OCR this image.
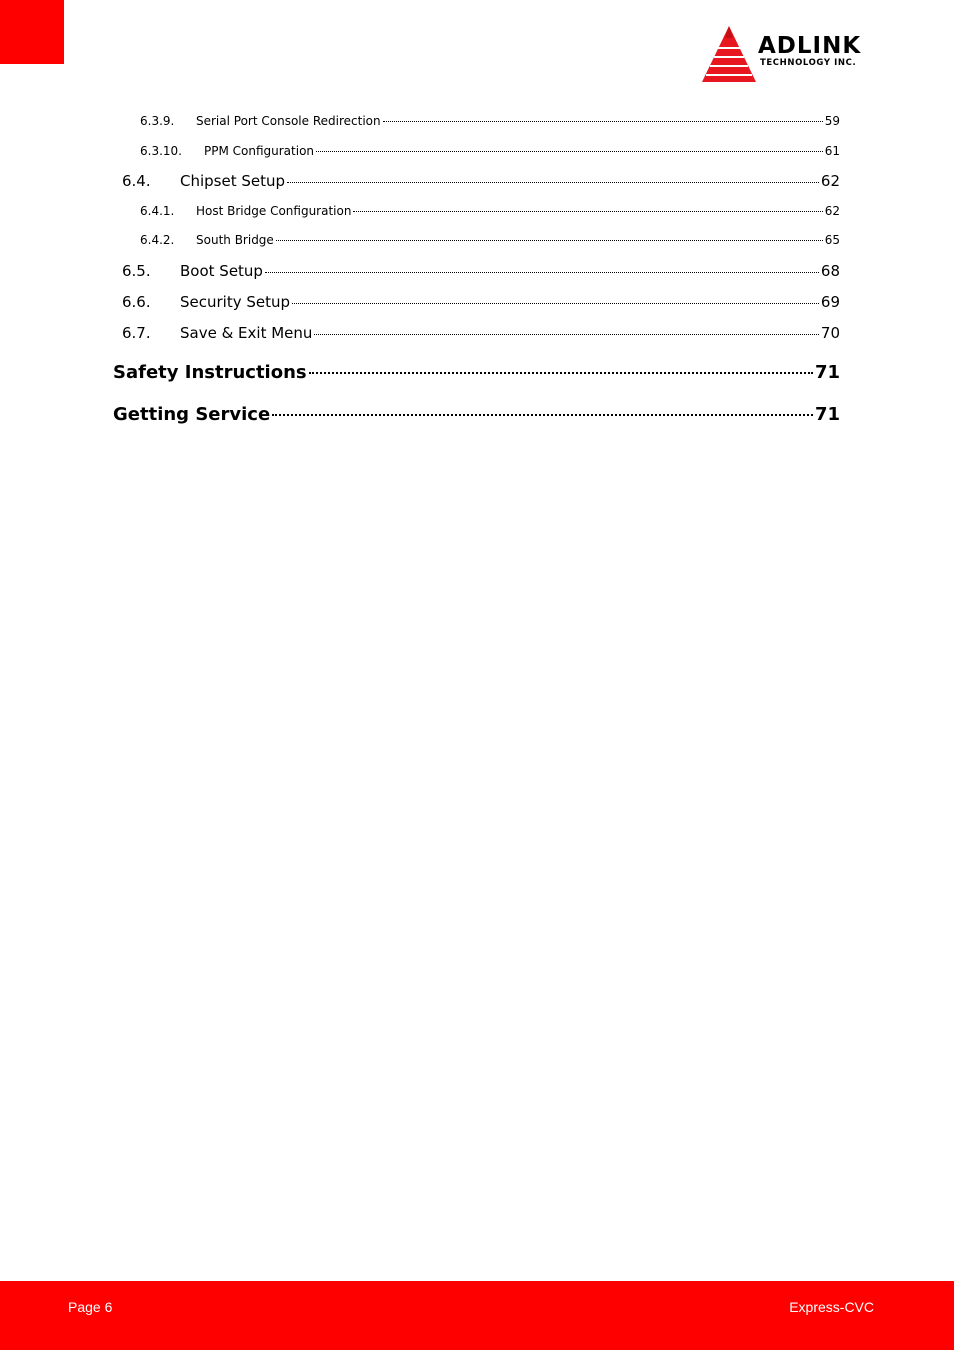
ADLINK
TECHNOLOGY INC.
6.3.9.	Serial Port Console Redirection	59
6.3.10.	PPM Configuration	61
6.4.	Chipset Setup	62
6.4.1.	Host Bridge Configuration	62
6.4.2.	South Bridge	65
6.5.	Boot Setup	68
6.6.	Security Setup	69
6.7.	Save & Exit Menu	70
Safety Instructions	71
Getting Service	71
Page 6	Express-CVC
